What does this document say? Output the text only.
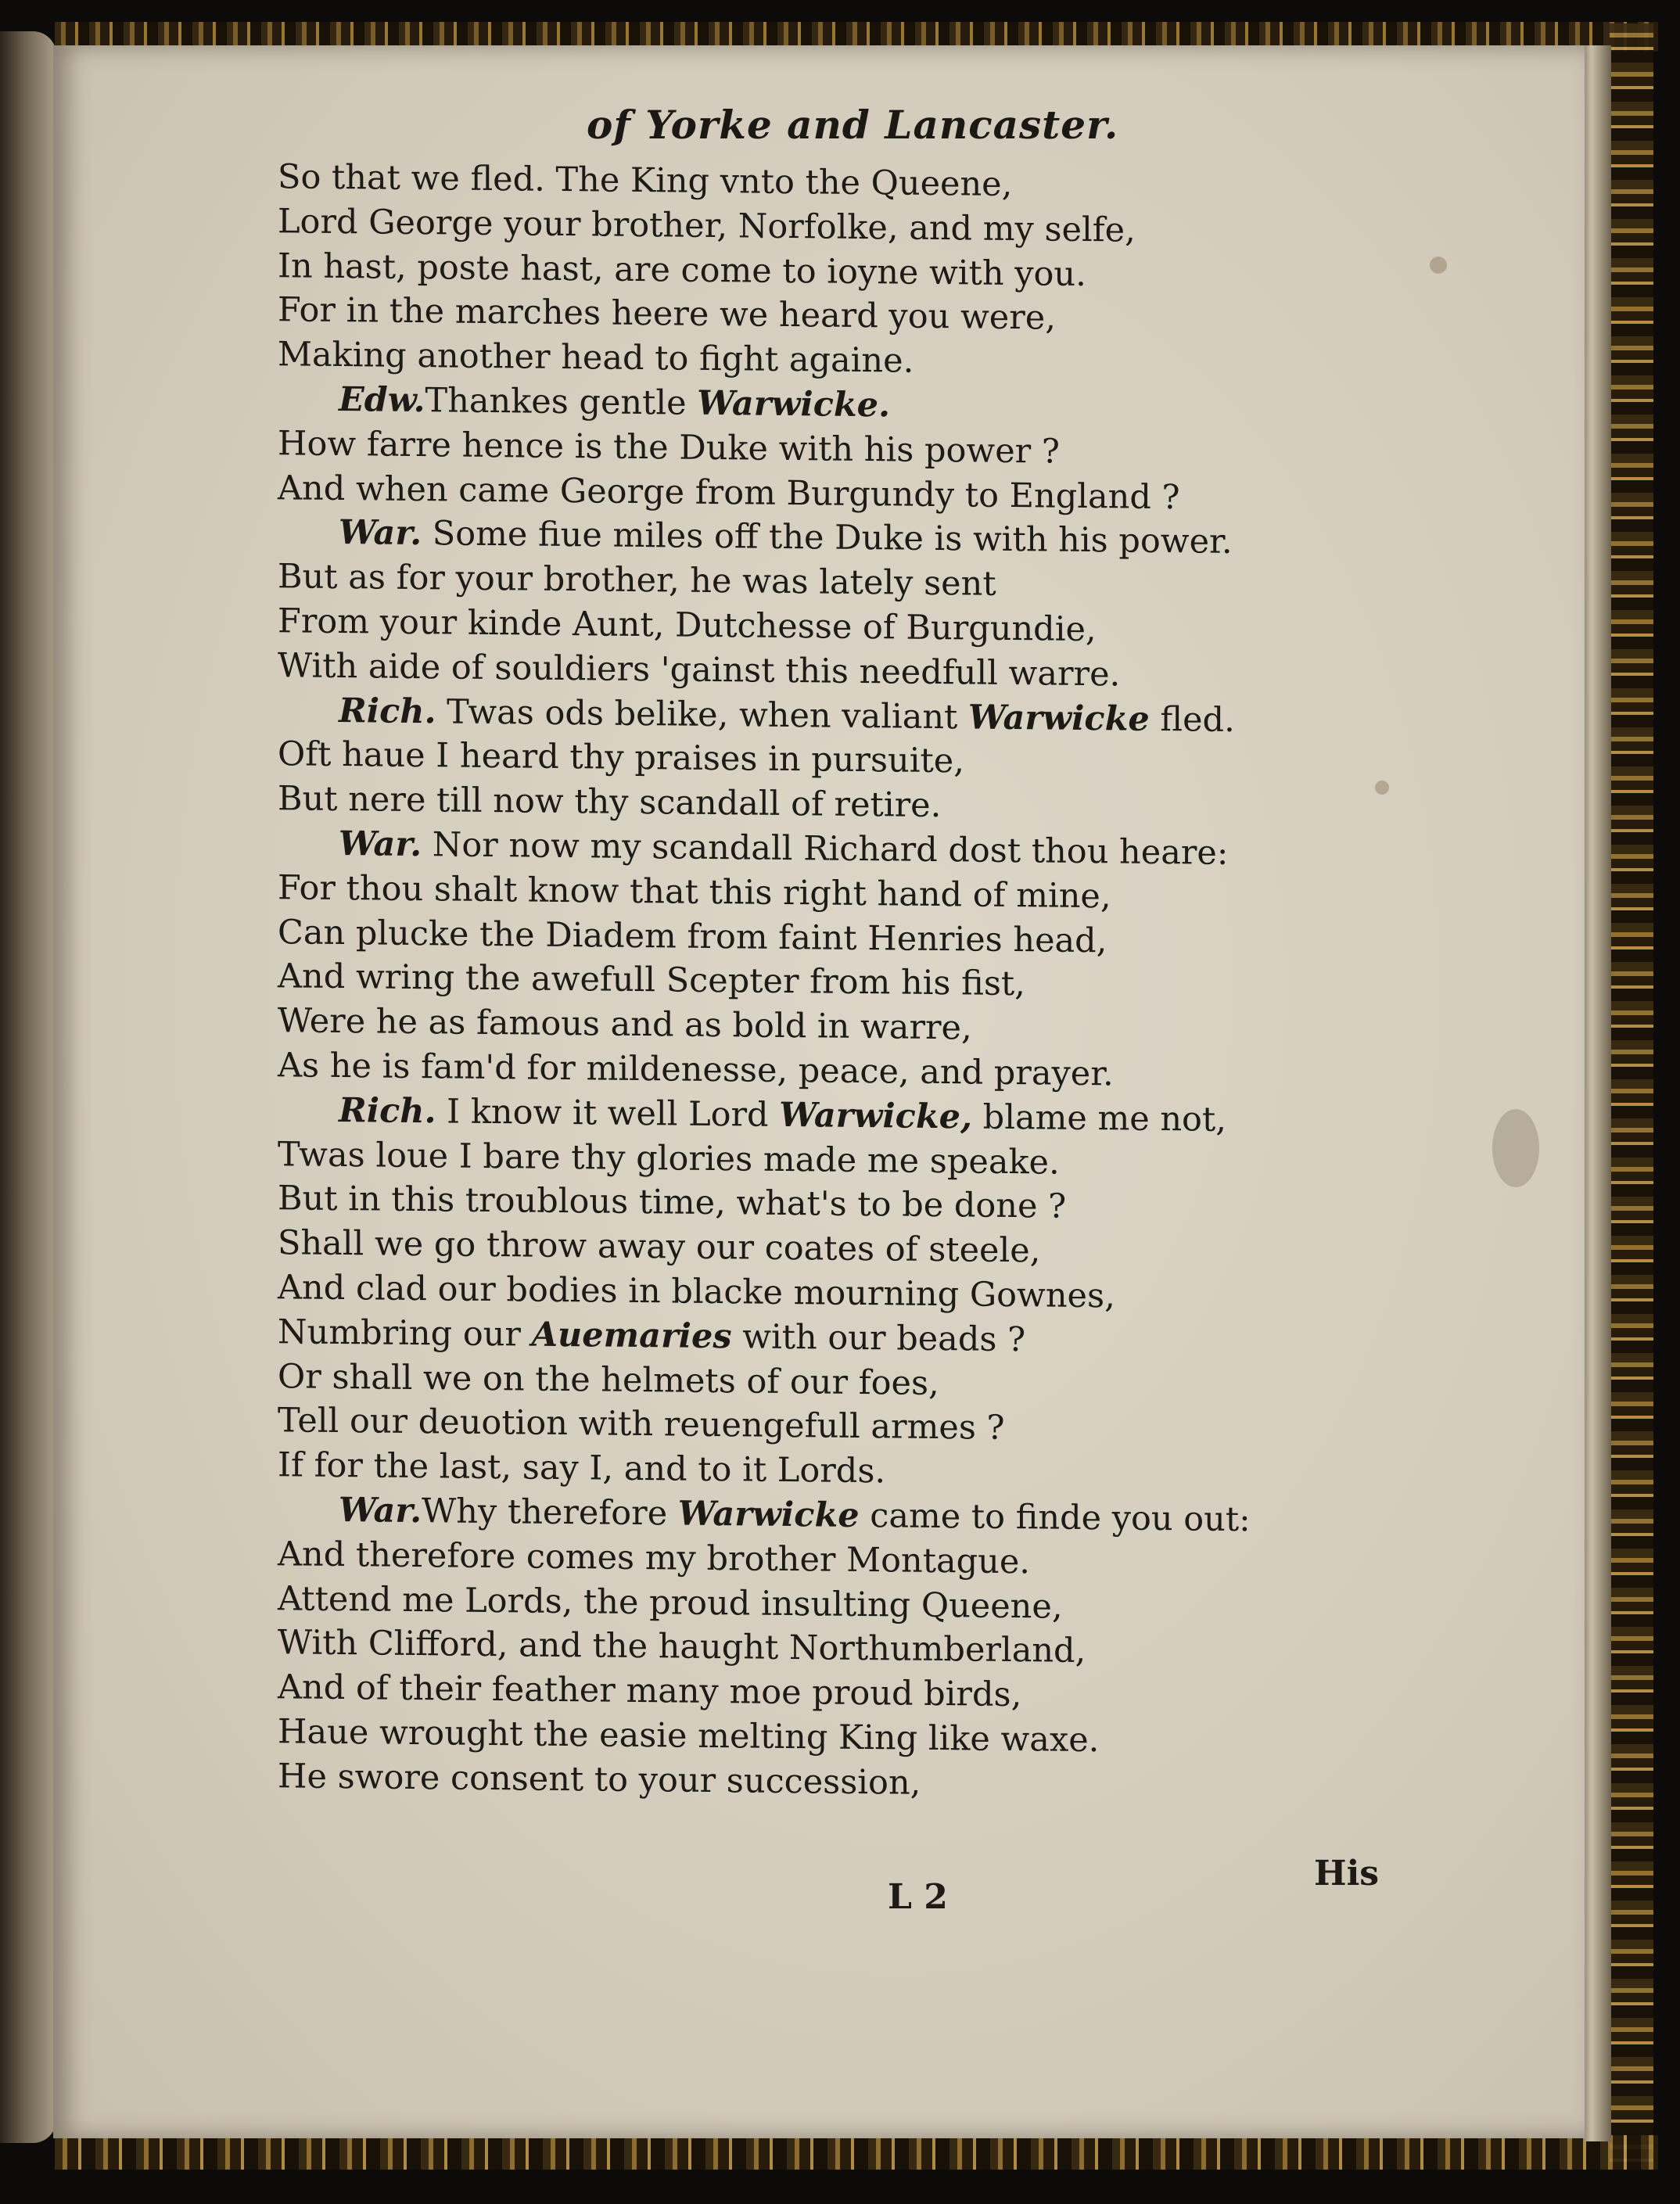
of Yorke and Lancaster.
So that we fled. The King vnto the Queene,
Lord George your brother, Norfolke, and my selfe,
In hast, poste hast, are come to ioyne with you.
For in the marches heere we heard you were,
Making another head to fight againe.
Edw.Thankes gentle Warwicke.
How farre hence is the Duke with his power ?
And when came George from Burgundy to England ?
War. Some fiue miles off the Duke is with his power.
But as for your brother, he was lately sent
From your kinde Aunt, Dutchesse of Burgundie,
With aide of souldiers 'gainst this needfull warre.
Rich. Twas ods belike, when valiant Warwicke fled.
Oft haue I heard thy praises in pursuite,
But nere till now thy scandall of retire.
War. Nor now my scandall Richard dost thou heare:
For thou shalt know that this right hand of mine,
Can plucke the Diadem from faint Henries head,
And wring the awefull Scepter from his fist,
Were he as famous and as bold in warre,
As he is fam'd for mildenesse, peace, and prayer.
Rich. I know it well Lord Warwicke, blame me not,
Twas loue I bare thy glories made me speake.
But in this troublous time, what's to be done ?
Shall we go throw away our coates of steele,
And clad our bodies in blacke mourning Gownes,
Numbring our Auemaries with our beads ?
Or shall we on the helmets of our foes,
Tell our deuotion with reuengefull armes ?
If for the last, say I, and to it Lords.
War.Why therefore Warwicke came to finde you out:
And therefore comes my brother Montague.
Attend me Lords, the proud insulting Queene,
With Clifford, and the haught Northumberland,
And of their feather many moe proud birds,
Haue wrought the easie melting King like waxe.
He swore consent to your succession,
L 2
His
